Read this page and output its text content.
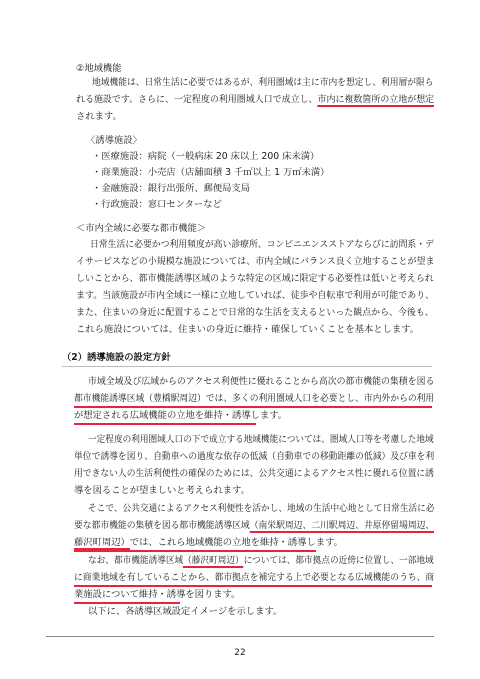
②地域機能
地域機能は、日常生活に必要ではあるが、利用圏域は主に市内を想定し、利用層が限ら
れる施設です。さらに、一定程度の利用圏域人口で成立し、市内に複数箇所の立地が想定
されます。
〈誘導施設〉
・医療施設：病院（一般病床 20 床以上 200 床未満）
・商業施設：小売店（店舗面積 3 千㎡以上 1 万㎡未満）
・金融施設：銀行出張所、郵便局支局
・行政施設：窓口センターなど
＜市内全域に必要な都市機能＞
日常生活に必要かつ利用頻度が高い診療所、コンビニエンスストアならびに訪問系・デ
イサービスなどの小規模な施設については、市内全域にバランス良く立地することが望ま
しいことから、都市機能誘導区域のような特定の区域に限定する必要性は低いと考えられ
ます。当該施設が市内全域に一様に立地していれば、徒歩や自転車で利用が可能であり、
また、住まいの身近に配置することで日常的な生活を支えるといった観点から、今後も、
これら施設については、住まいの身近に維持・確保していくことを基本とします。
（2）誘導施設の設定方針
市域全域及び広域からのアクセス利便性に優れることから高次の都市機能の集積を図る
都市機能誘導区域（豊橋駅周辺）では、多くの利用圏域人口を必要とし、市内外からの利用
が想定される広域機能の立地を維持・誘導します。
一定程度の利用圏域人口の下で成立する地域機能については、圏域人口等を考慮した地域
単位で誘導を図り、自動車への過度な依存の低減（自動車での移動距離の低減）及び車を利
用できない人の生活利便性の確保のためには、公共交通によるアクセス性に優れる位置に誘
導を図ることが望ましいと考えられます。
そこで、公共交通によるアクセス利便性を活かし、地域の生活中心地として日常生活に必
要な都市機能の集積を図る都市機能誘導区域（南栄駅周辺、二川駅周辺、井原停留場周辺、
藤沢町周辺）では、これら地域機能の立地を維持・誘導します。
なお、都市機能誘導区域（藤沢町周辺）については、都市拠点の近傍に位置し、一部地域
に商業地域を有していることから、都市拠点を補完する上で必要となる広域機能のうち、商
業施設について維持・誘導を図ります。
以下に、各誘導区域設定イメージを示します。
22
